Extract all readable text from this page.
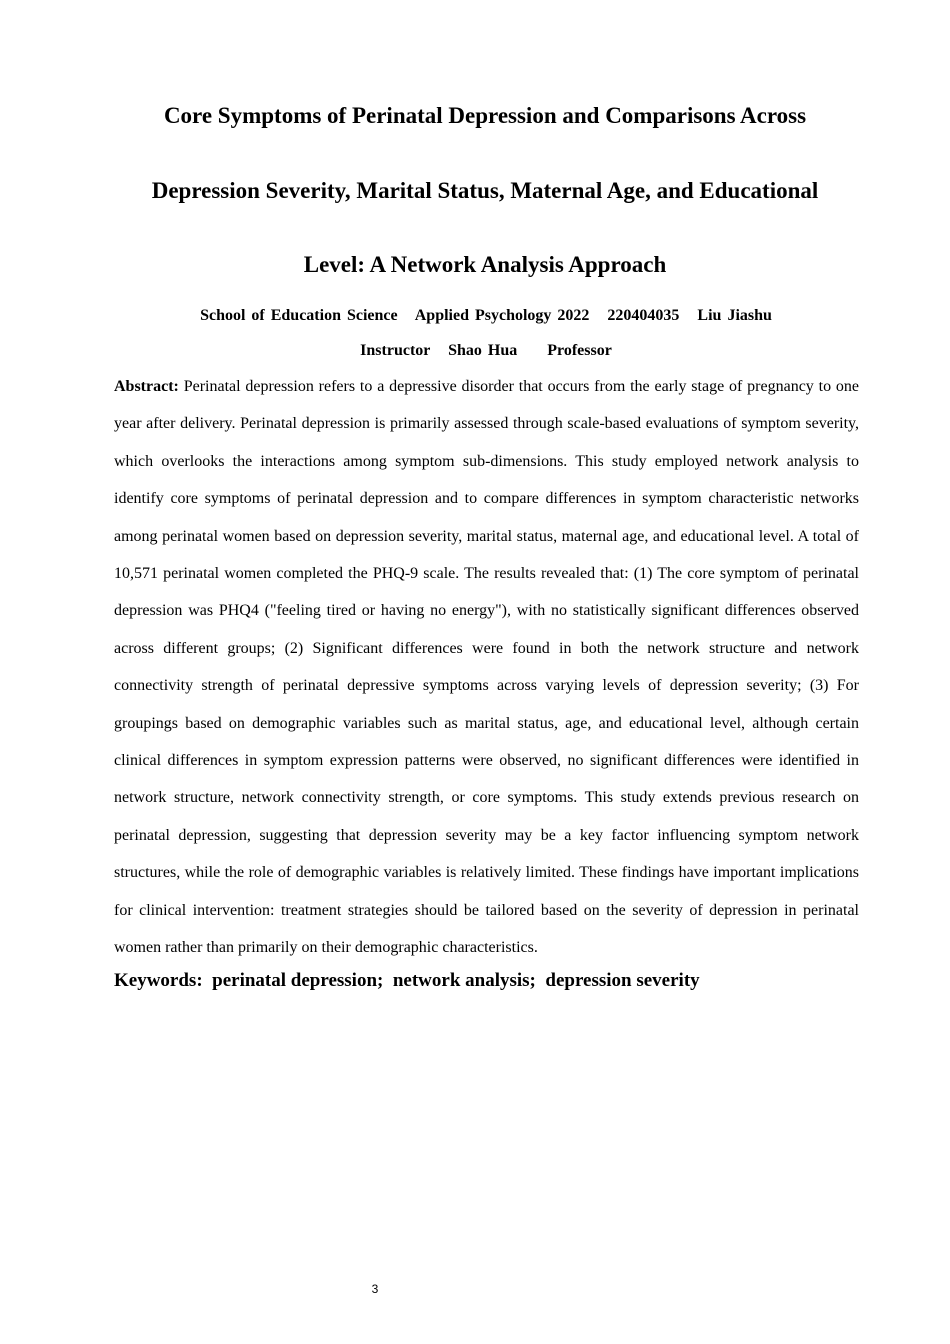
Core Symptoms of Perinatal Depression and Comparisons Across
Depression Severity, Marital Status, Maternal Age, and Educational
Level: A Network Analysis Approach
School of Education Science   Applied Psychology 2022   220404035   Liu Jiashu
Instructor   Shao Hua     Professor

Abstract: Perinatal depression refers to a depressive disorder that occurs from the early stage of pregnancy to one year after delivery. Perinatal depression is primarily assessed through scale-based evaluations of symptom severity, which overlooks the interactions among symptom sub-dimensions. This study employed network analysis to identify core symptoms of perinatal depression and to compare differences in symptom characteristic networks among perinatal women based on depression severity, marital status, maternal age, and educational level. A total of 10,571 perinatal women completed the PHQ-9 scale. The results revealed that: (1) The core symptom of perinatal depression was PHQ4 ("feeling tired or having no energy"), with no statistically significant differences observed across different groups; (2) Significant differences were found in both the network structure and network connectivity strength of perinatal depressive symptoms across varying levels of depression severity; (3) For groupings based on demographic variables such as marital status, age, and educational level, although certain clinical differences in symptom expression patterns were observed, no significant differences were identified in network structure, network connectivity strength, or core symptoms. This study extends previous research on perinatal depression, suggesting that depression severity may be a key factor influencing symptom network structures, while the role of demographic variables is relatively limited. These findings have important implications for clinical intervention: treatment strategies should be tailored based on the severity of depression in perinatal women rather than primarily on their demographic characteristics.

Keywords:  perinatal depression;  network analysis;  depression severity
3
